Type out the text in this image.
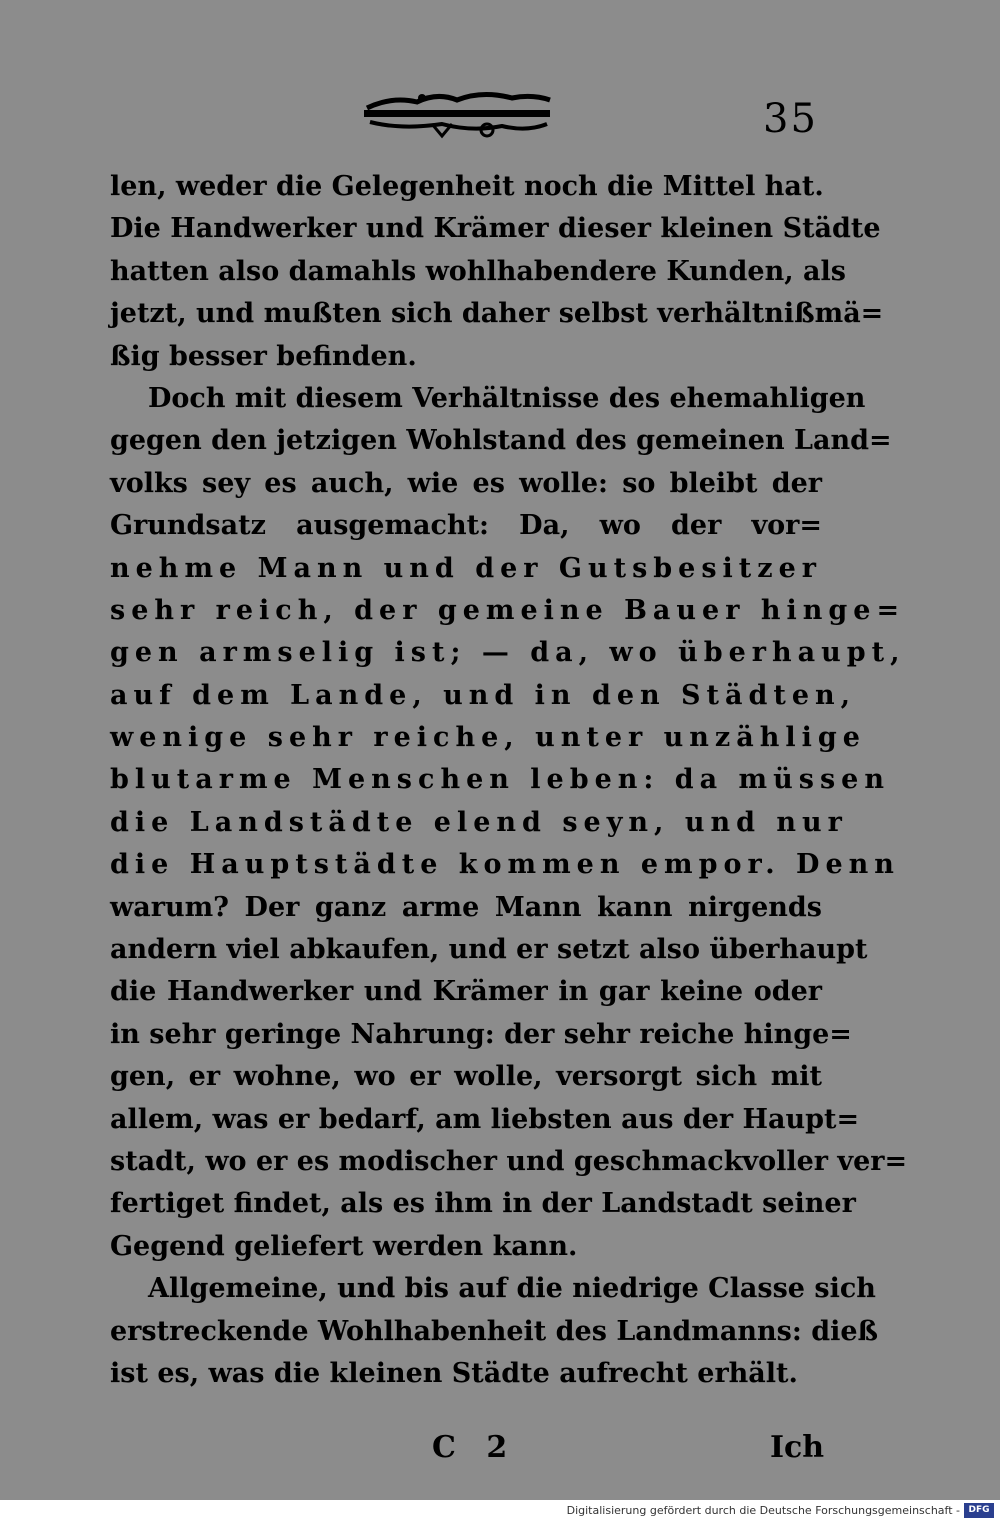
35
len, weder die Gelegenheit noch die Mittel hat.
Die Handwerker und Krämer dieser kleinen Städte
hatten also damahls wohlhabendere Kunden, als
jetzt, und mußten sich daher selbst verhältnißmä=
ßig besser befinden.
Doch mit diesem Verhältnisse des ehemahligen
gegen den jetzigen Wohlstand des gemeinen Land=
volks sey es auch, wie es wolle: so bleibt der
Grundsatz ausgemacht: Da, wo der vor=
nehme Mann und der Gutsbesitzer
sehr reich, der gemeine Bauer hinge=
gen armselig ist; — da, wo überhaupt,
auf dem Lande, und in den Städten,
wenige sehr reiche, unter unzählige
blutarme Menschen leben: da müssen
die Landstädte elend seyn, und nur
die Hauptstädte kommen empor. Denn
warum? Der ganz arme Mann kann nirgends
andern viel abkaufen, und er setzt also überhaupt
die Handwerker und Krämer in gar keine oder
in sehr geringe Nahrung: der sehr reiche hinge=
gen, er wohne, wo er wolle, versorgt sich mit
allem, was er bedarf, am liebsten aus der Haupt=
stadt, wo er es modischer und geschmackvoller ver=
fertiget findet, als es ihm in der Landstadt seiner
Gegend geliefert werden kann.
Allgemeine, und bis auf die niedrige Classe sich
erstreckende Wohlhabenheit des Landmanns: dieß
ist es, was die kleinen Städte aufrecht erhält.
C 2	Ich
Digitalisierung gefördert durch die Deutsche Forschungsgemeinschaft - DFG
